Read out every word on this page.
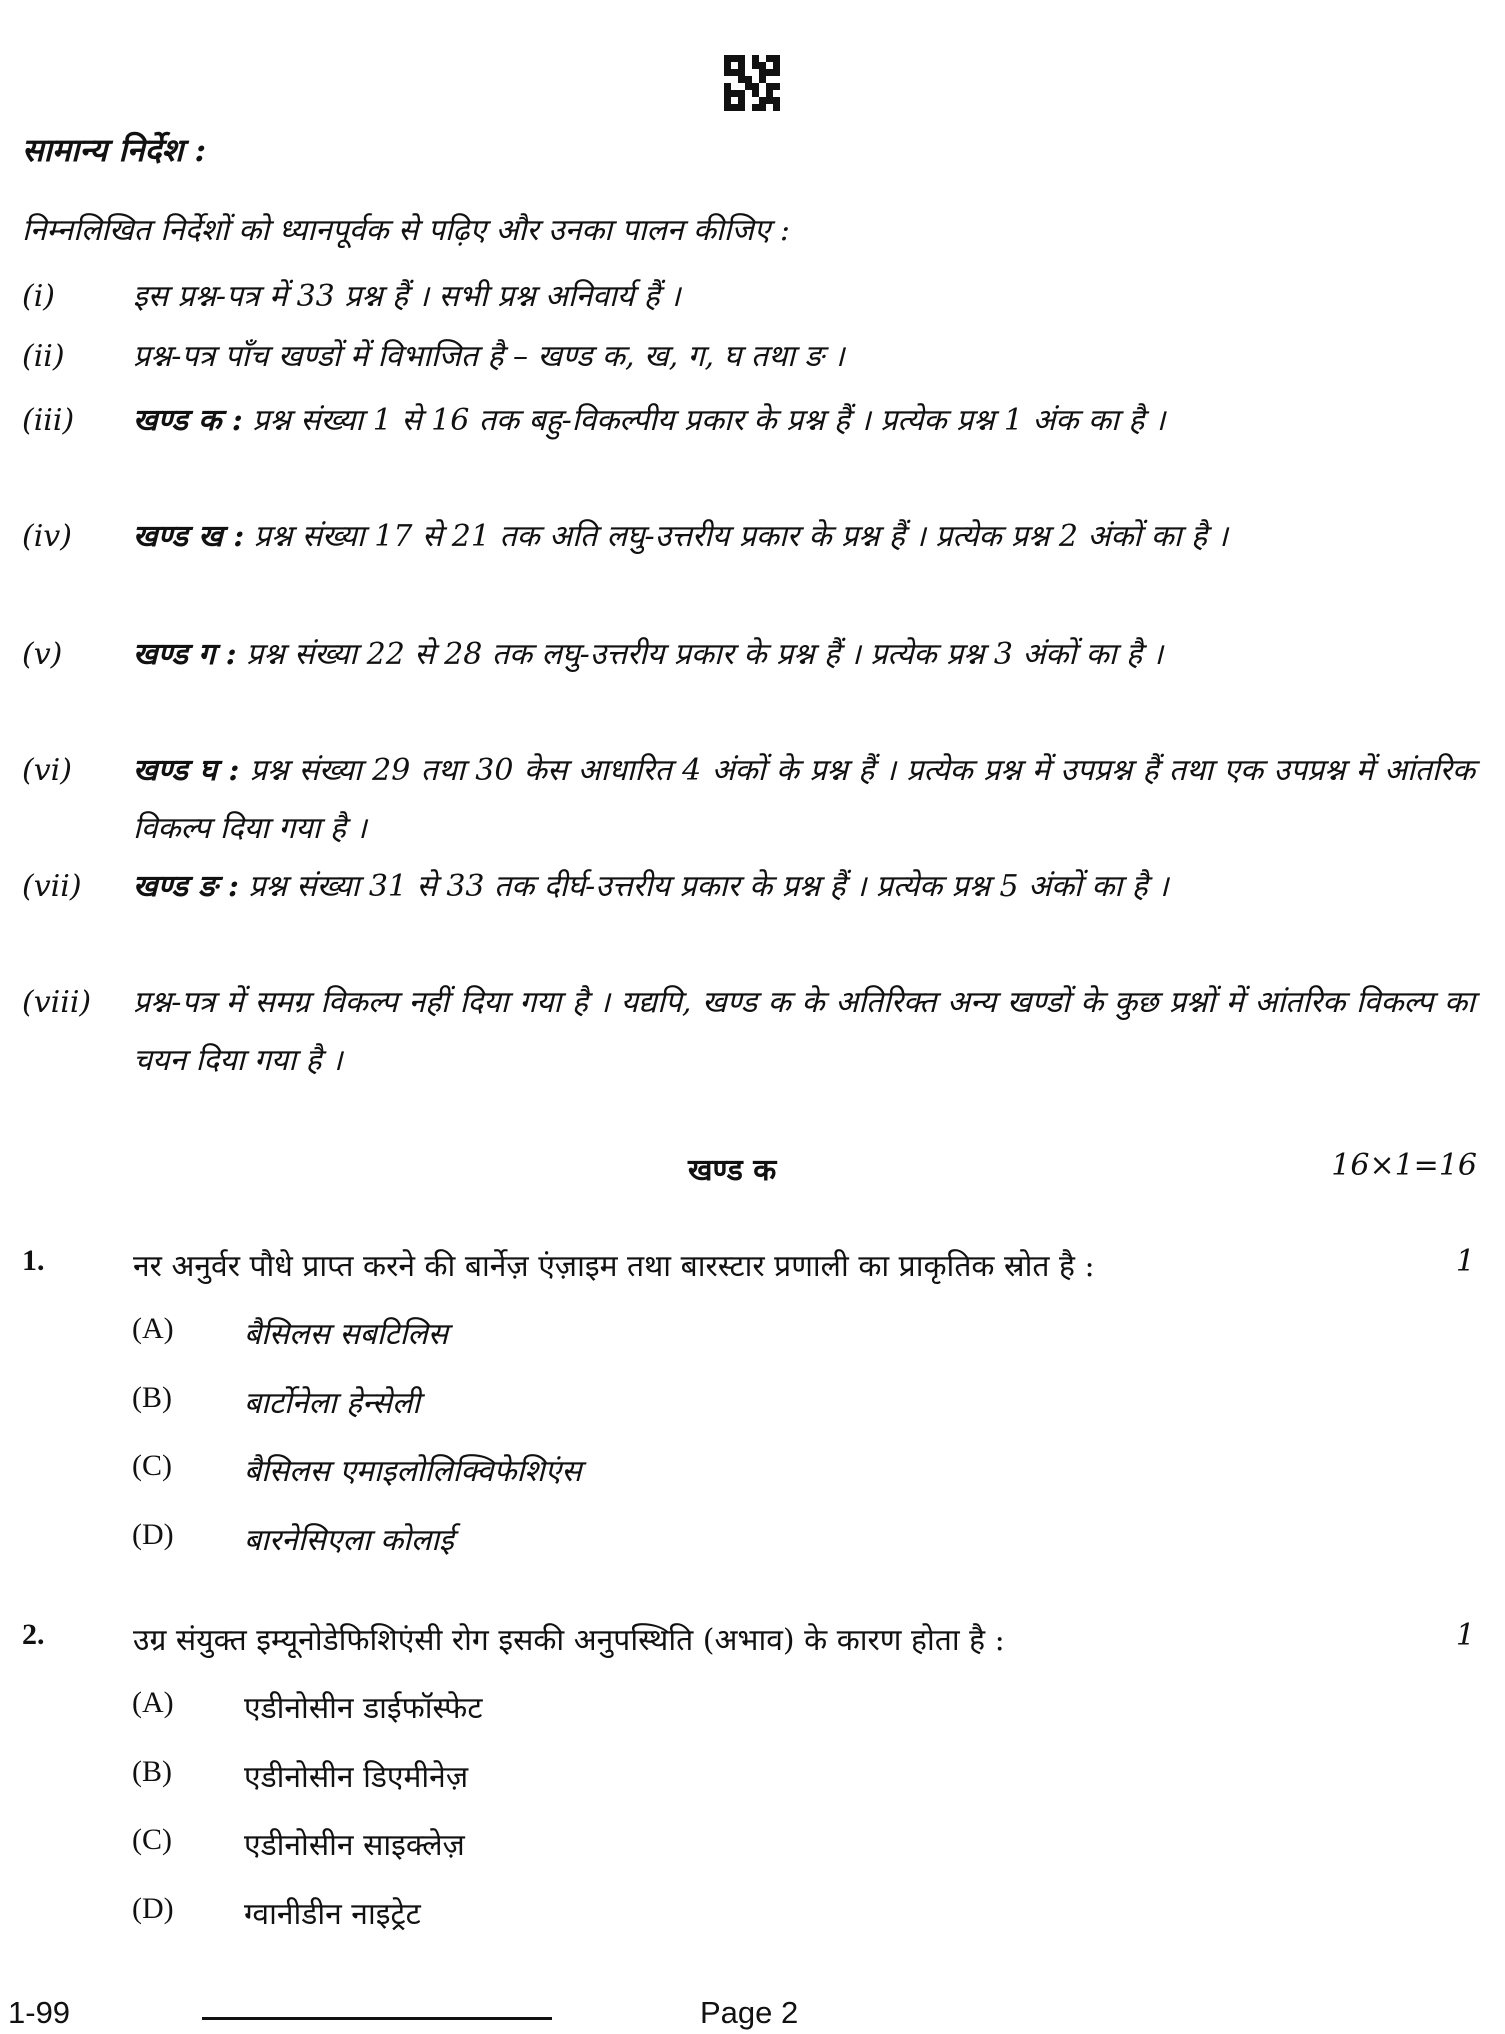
सामान्य निर्देश :
निम्नलिखित निर्देशों को ध्यानपूर्वक से पढ़िए और उनका पालन कीजिए :
(i)	इस प्रश्न-पत्र में 33 प्रश्न हैं । सभी प्रश्न अनिवार्य हैं ।
(ii) प्रश्न-पत्र पाँच खण्डों में विभाजित है – खण्ड क, ख, ग, घ तथा ङ ।
(iii) खण्ड क : प्रश्न संख्या 1 से 16 तक बहु-विकल्पीय प्रकार के प्रश्न हैं । प्रत्येक प्रश्न 1 अंक का है ।
(iv) खण्ड ख : प्रश्न संख्या 17 से 21 तक अति लघु-उत्तरीय प्रकार के प्रश्न हैं । प्रत्येक प्रश्न 2 अंकों का है ।
(v) खण्ड ग : प्रश्न संख्या 22 से 28 तक लघु-उत्तरीय प्रकार के प्रश्न हैं । प्रत्येक प्रश्न 3 अंकों का है ।
(vi) खण्ड घ : प्रश्न संख्या 29 तथा 30 केस आधारित 4 अंकों के प्रश्न हैं । प्रत्येक प्रश्न में उपप्रश्न हैं तथा एक उपप्रश्न में आंतरिक विकल्प दिया गया है ।
(vii) खण्ड ङ : प्रश्न संख्या 31 से 33 तक दीर्घ-उत्तरीय प्रकार के प्रश्न हैं । प्रत्येक प्रश्न 5 अंकों का है ।
(viii) प्रश्न-पत्र में समग्र विकल्प नहीं दिया गया है । यद्यपि, खण्ड क के अतिरिक्त अन्य खण्डों के कुछ प्रश्नों में आंतरिक विकल्प का चयन दिया गया है ।
खण्ड क	16×1=16
1.	नर अनुर्वर पौधे प्राप्त करने की बार्नेज़ एंज़ाइम तथा बारस्टार प्रणाली का प्राकृतिक स्रोत है :	1
(A) बैसिलस सबटिलिस
(B) बार्टोनेला हेन्सेली
(C) बैसिलस एमाइलोलिक्विफेशिएंस
(D) बारनेसिएला कोलाई
2.	उग्र संयुक्त इम्यूनोडेफिशिएंसी रोग इसकी अनुपस्थिति (अभाव) के कारण होता है :	1
(A) एडीनोसीन डाईफॉस्फेट
(B) एडीनोसीन डिएमीनेज़
(C) एडीनोसीन साइक्लेज़
(D) ग्वानीडीन नाइट्रेट
1-99	Page 2
